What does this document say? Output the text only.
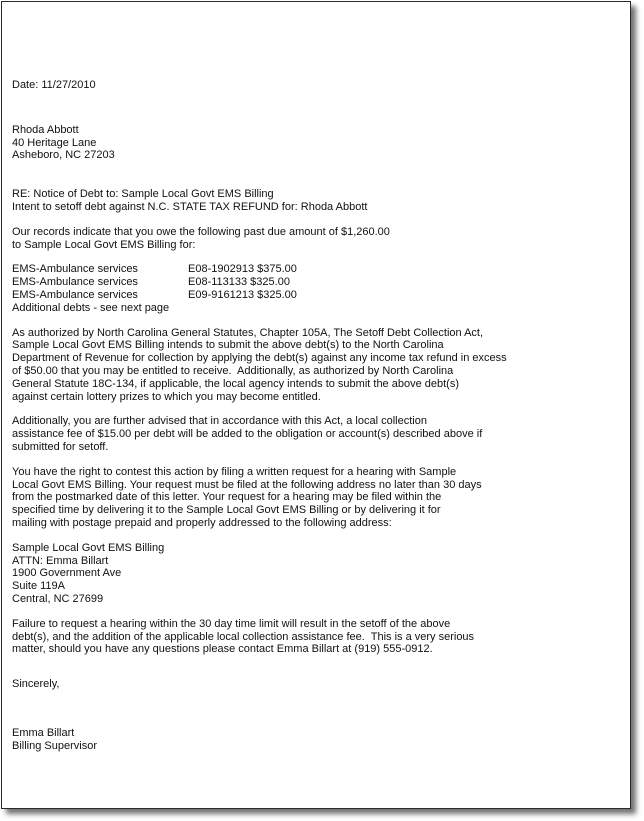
Date: 11/27/2010

Rhoda Abbott
40 Heritage Lane
Asheboro, NC 27203

RE: Notice of Debt to: Sample Local Govt EMS Billing
Intent to setoff debt against N.C. STATE TAX REFUND for: Rhoda Abbott

Our records indicate that you owe the following past due amount of $1,260.00
to Sample Local Govt EMS Billing for:

EMS-Ambulance services	E08-1902913 $375.00
EMS-Ambulance services	E08-113133 $325.00
EMS-Ambulance services	E09-9161213 $325.00
Additional debts - see next page

As authorized by North Carolina General Statutes, Chapter 105A, The Setoff Debt Collection Act,
Sample Local Govt EMS Billing intends to submit the above debt(s) to the North Carolina
Department of Revenue for collection by applying the debt(s) against any income tax refund in excess
of $50.00 that you may be entitled to receive.  Additionally, as authorized by North Carolina
General Statute 18C-134, if applicable, the local agency intends to submit the above debt(s)
against certain lottery prizes to which you may become entitled.

Additionally, you are further advised that in accordance with this Act, a local collection
assistance fee of $15.00 per debt will be added to the obligation or account(s) described above if
submitted for setoff.

You have the right to contest this action by filing a written request for a hearing with Sample
Local Govt EMS Billing. Your request must be filed at the following address no later than 30 days
from the postmarked date of this letter. Your request for a hearing may be filed within the
specified time by delivering it to the Sample Local Govt EMS Billing or by delivering it for
mailing with postage prepaid and properly addressed to the following address:

Sample Local Govt EMS Billing
ATTN: Emma Billart
1900 Government Ave
Suite 119A
Central, NC 27699

Failure to request a hearing within the 30 day time limit will result in the setoff of the above
debt(s), and the addition of the applicable local collection assistance fee.  This is a very serious
matter, should you have any questions please contact Emma Billart at (919) 555-0912.

Sincerely,

Emma Billart
Billing Supervisor
